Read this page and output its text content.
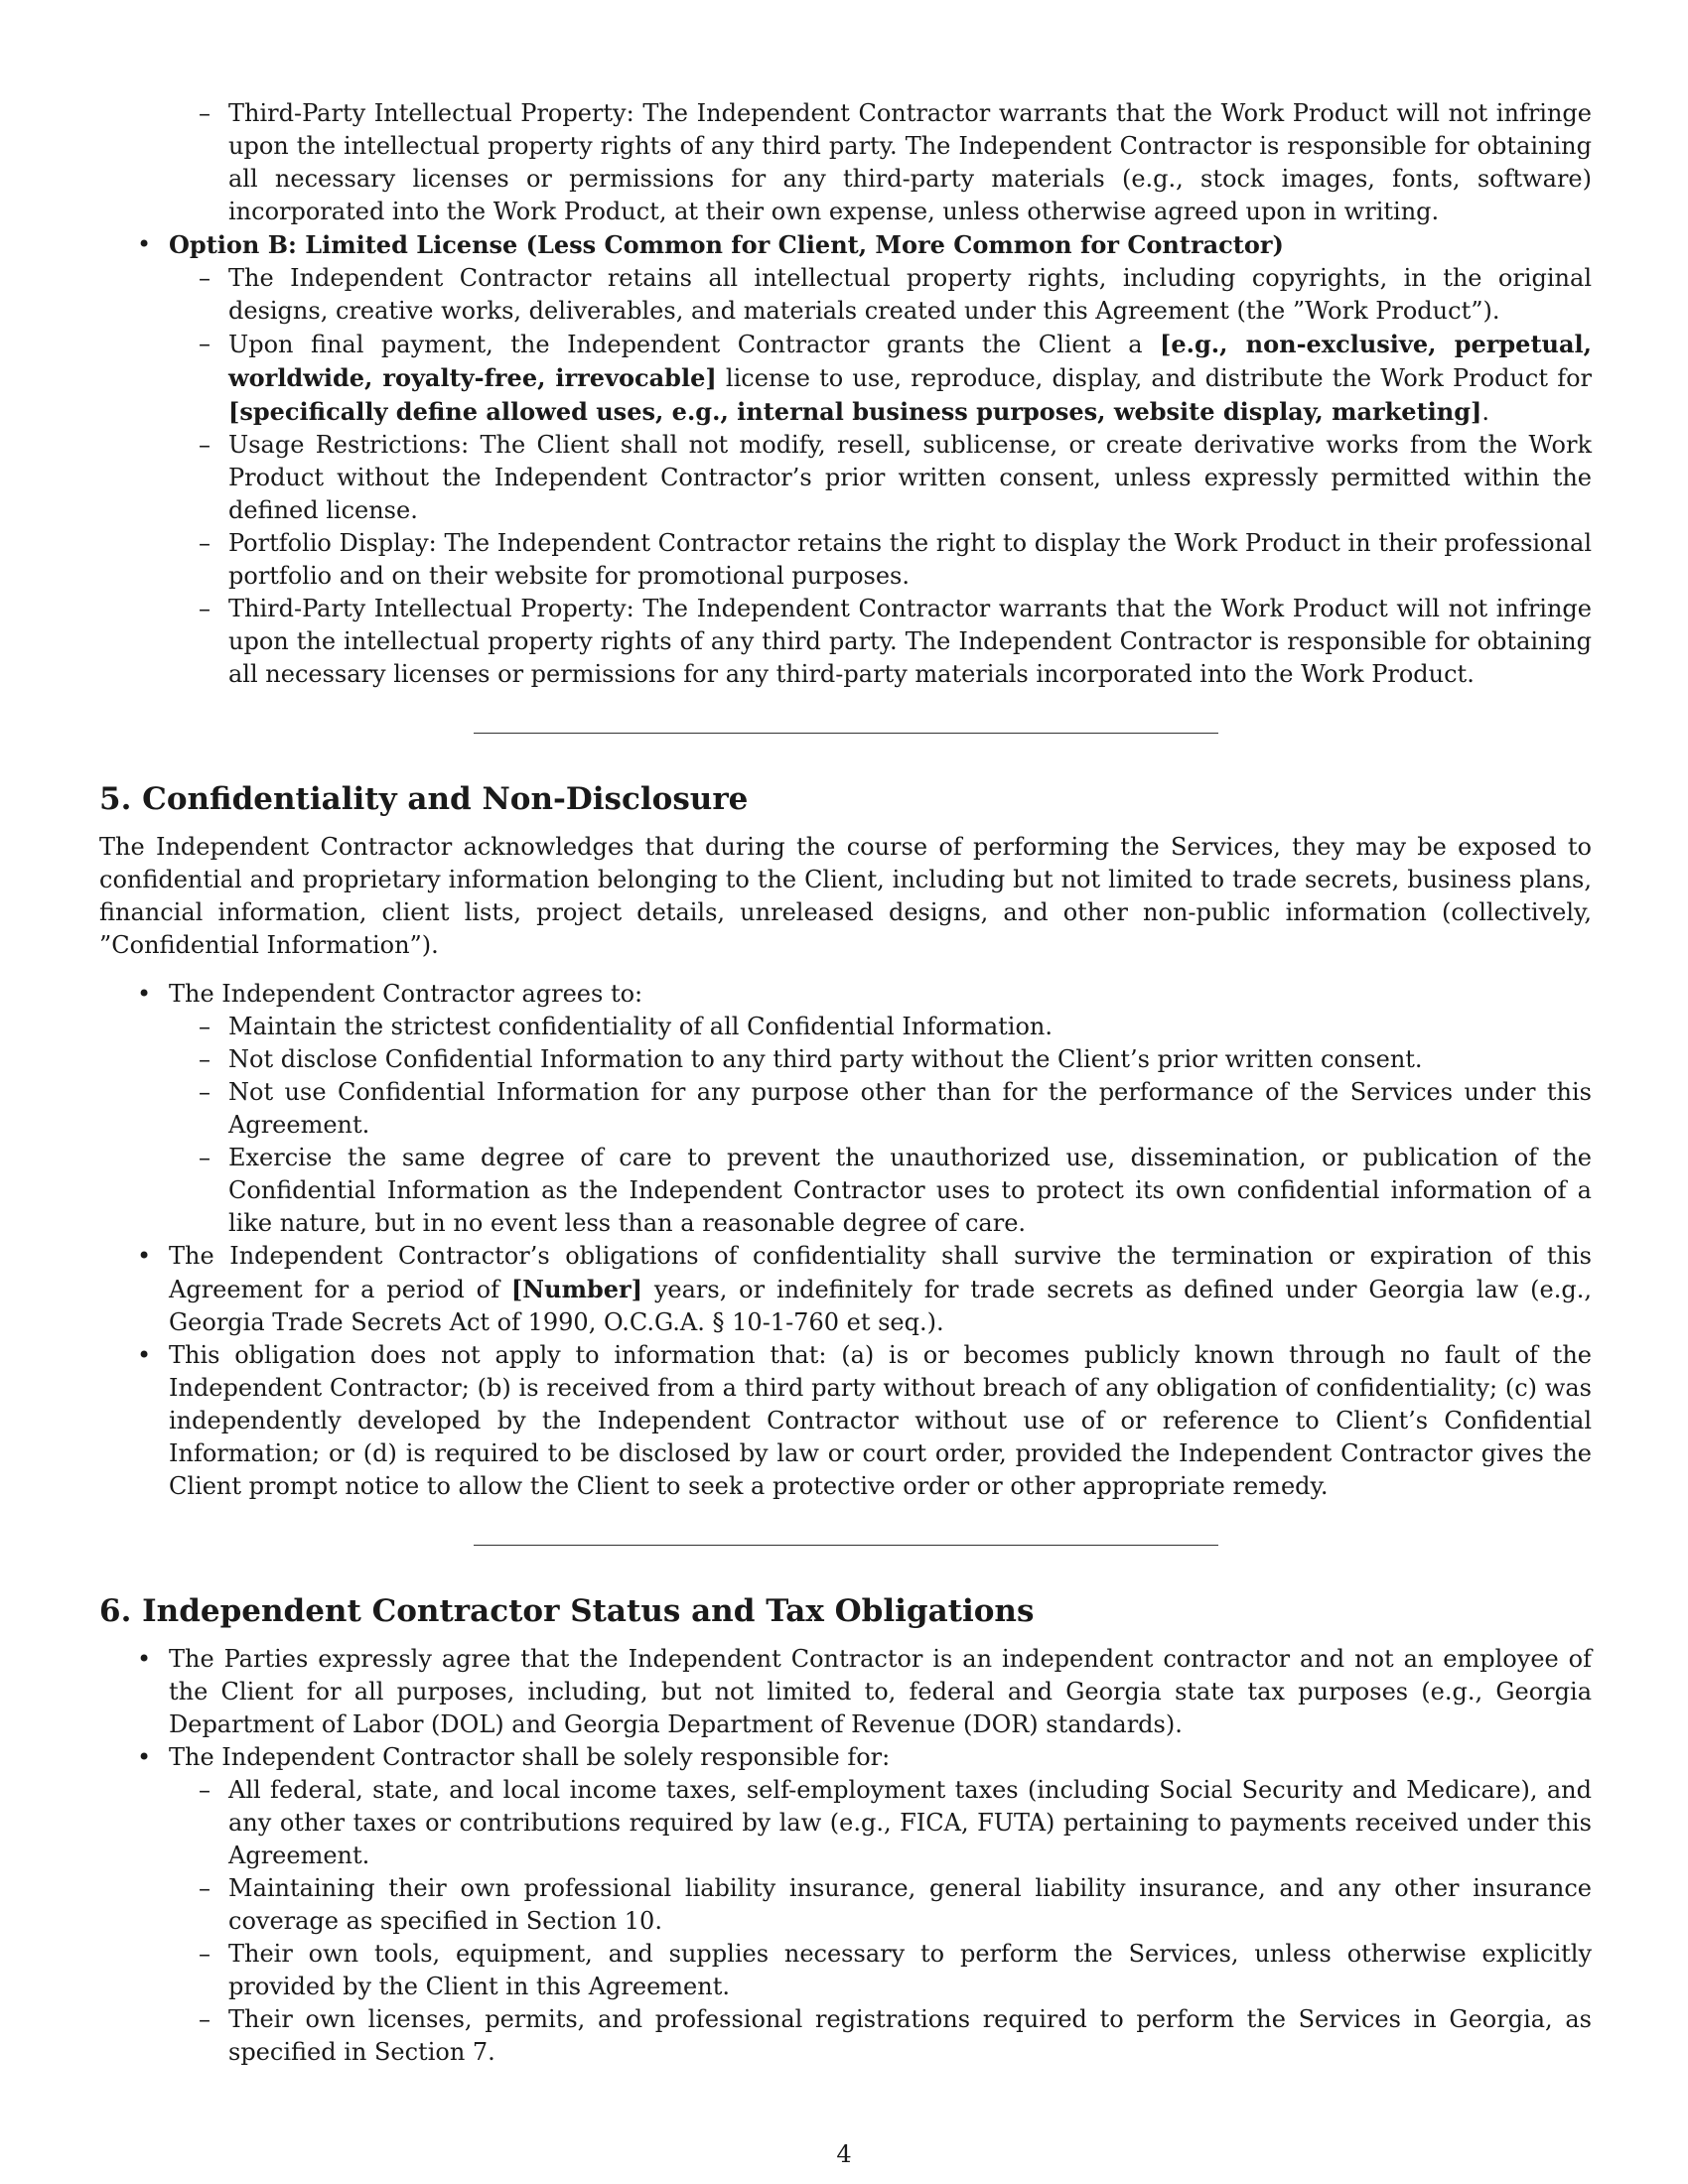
– Third-Party Intellectual Property: The Independent Contractor warrants that the Work Product will not infringe upon the intellectual property rights of any third party. The Independent Contractor is responsible for obtaining all necessary licenses or permissions for any third-party materials (e.g., stock images, fonts, software) incorporated into the Work Product, at their own expense, unless otherwise agreed upon in writing.
• Option B: Limited License (Less Common for Client, More Common for Contractor)
– The Independent Contractor retains all intellectual property rights, including copyrights, in the original designs, creative works, deliverables, and materials created under this Agreement (the ”Work Product”).
– Upon final payment, the Independent Contractor grants the Client a [e.g., non-exclusive, perpetual, worldwide, royalty-free, irrevocable] license to use, reproduce, display, and distribute the Work Product for [specifically define allowed uses, e.g., internal business purposes, website display, marketing].
– Usage Restrictions: The Client shall not modify, resell, sublicense, or create derivative works from the Work Product without the Independent Contractor’s prior written consent, unless expressly permitted within the defined license.
– Portfolio Display: The Independent Contractor retains the right to display the Work Product in their professional portfolio and on their website for promotional purposes.
– Third-Party Intellectual Property: The Independent Contractor warrants that the Work Product will not infringe upon the intellectual property rights of any third party. The Independent Contractor is responsible for obtaining all necessary licenses or permissions for any third-party materials incorporated into the Work Product.
5. Confidentiality and Non-Disclosure

The Independent Contractor acknowledges that during the course of performing the Services, they may be exposed to confidential and proprietary information belonging to the Client, including but not limited to trade secrets, business plans, financial information, client lists, project details, unreleased designs, and other non-public information (collectively, ”Confidential Information”).

• The Independent Contractor agrees to:
– Maintain the strictest confidentiality of all Confidential Information.
– Not disclose Confidential Information to any third party without the Client’s prior written consent.
– Not use Confidential Information for any purpose other than for the performance of the Services under this Agreement.
– Exercise the same degree of care to prevent the unauthorized use, dissemination, or publication of the Confidential Information as the Independent Contractor uses to protect its own confidential information of a like nature, but in no event less than a reasonable degree of care.
• The Independent Contractor’s obligations of confidentiality shall survive the termination or expiration of this Agreement for a period of [Number] years, or indefinitely for trade secrets as defined under Georgia law (e.g., Georgia Trade Secrets Act of 1990, O.C.G.A. § 10-1-760 et seq.).
• This obligation does not apply to information that: (a) is or becomes publicly known through no fault of the Independent Contractor; (b) is received from a third party without breach of any obligation of confidentiality; (c) was independently developed by the Independent Contractor without use of or reference to Client’s Confidential Information; or (d) is required to be disclosed by law or court order, provided the Independent Contractor gives the Client prompt notice to allow the Client to seek a protective order or other appropriate remedy.
6. Independent Contractor Status and Tax Obligations
• The Parties expressly agree that the Independent Contractor is an independent contractor and not an employee of the Client for all purposes, including, but not limited to, federal and Georgia state tax purposes (e.g., Georgia Department of Labor (DOL) and Georgia Department of Revenue (DOR) standards).
• The Independent Contractor shall be solely responsible for:
– All federal, state, and local income taxes, self-employment taxes (including Social Security and Medicare), and any other taxes or contributions required by law (e.g., FICA, FUTA) pertaining to payments received under this Agreement.
– Maintaining their own professional liability insurance, general liability insurance, and any other insurance coverage as specified in Section 10.
– Their own tools, equipment, and supplies necessary to perform the Services, unless otherwise explicitly provided by the Client in this Agreement.
– Their own licenses, permits, and professional registrations required to perform the Services in Georgia, as specified in Section 7.
4
